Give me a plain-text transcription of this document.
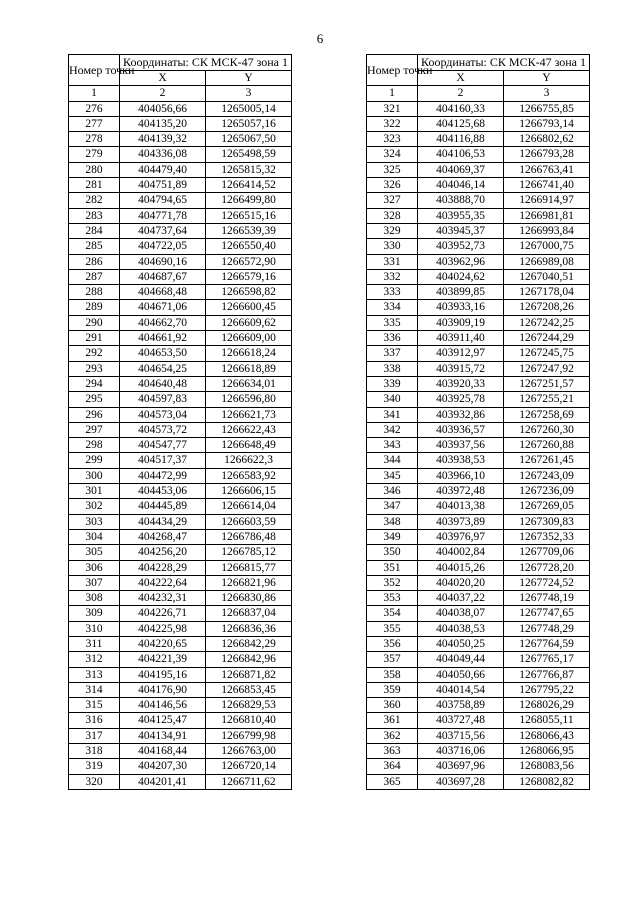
6
Номер точки	Координаты: СК МСК-47 зона 1	
	X	Y
1	2	3
276	404056,66	1265005,14
277	404135,20	1265057,16
278	404139,32	1265067,50
279	404336,08	1265498,59
280	404479,40	1265815,32
281	404751,89	1266414,52
282	404794,65	1266499,80
283	404771,78	1266515,16
284	404737,64	1266539,39
285	404722,05	1266550,40
286	404690,16	1266572,90
287	404687,67	1266579,16
288	404668,48	1266598,82
289	404671,06	1266600,45
290	404662,70	1266609,62
291	404661,92	1266609,00
292	404653,50	1266618,24
293	404654,25	1266618,89
294	404640,48	1266634,01
295	404597,83	1266596,80
296	404573,04	1266621,73
297	404573,72	1266622,43
298	404547,77	1266648,49
299	404517,37	1266622,3
300	404472,99	1266583,92
301	404453,06	1266606,15
302	404445,89	1266614,04
303	404434,29	1266603,59
304	404268,47	1266786,48
305	404256,20	1266785,12
306	404228,29	1266815,77
307	404222,64	1266821,96
308	404232,31	1266830,86
309	404226,71	1266837,04
310	404225,98	1266836,36
311	404220,65	1266842,29
312	404221,39	1266842,96
313	404195,16	1266871,82
314	404176,90	1266853,45
315	404146,56	1266829,53
316	404125,47	1266810,40
317	404134,91	1266799,98
318	404168,44	1266763,00
319	404207,30	1266720,14
320	404201,41	1266711,62
Номер точки	Координаты: СК МСК-47 зона 1	
	X	Y
1	2	3
321	404160,33	1266755,85
322	404125,68	1266793,14
323	404116,88	1266802,62
324	404106,53	1266793,28
325	404069,37	1266763,41
326	404046,14	1266741,40
327	403888,70	1266914,97
328	403955,35	1266981,81
329	403945,37	1266993,84
330	403952,73	1267000,75
331	403962,96	1266989,08
332	404024,62	1267040,51
333	403899,85	1267178,04
334	403933,16	1267208,26
335	403909,19	1267242,25
336	403911,40	1267244,29
337	403912,97	1267245,75
338	403915,72	1267247,92
339	403920,33	1267251,57
340	403925,78	1267255,21
341	403932,86	1267258,69
342	403936,57	1267260,30
343	403937,56	1267260,88
344	403938,53	1267261,45
345	403966,10	1267243,09
346	403972,48	1267236,09
347	404013,38	1267269,05
348	403973,89	1267309,83
349	403976,97	1267352,33
350	404002,84	1267709,06
351	404015,26	1267728,20
352	404020,20	1267724,52
353	404037,22	1267748,19
354	404038,07	1267747,65
355	404038,53	1267748,29
356	404050,25	1267764,59
357	404049,44	1267765,17
358	404050,66	1267766,87
359	404014,54	1267795,22
360	403758,89	1268026,29
361	403727,48	1268055,11
362	403715,56	1268066,43
363	403716,06	1268066,95
364	403697,96	1268083,56
365	403697,28	1268082,82
